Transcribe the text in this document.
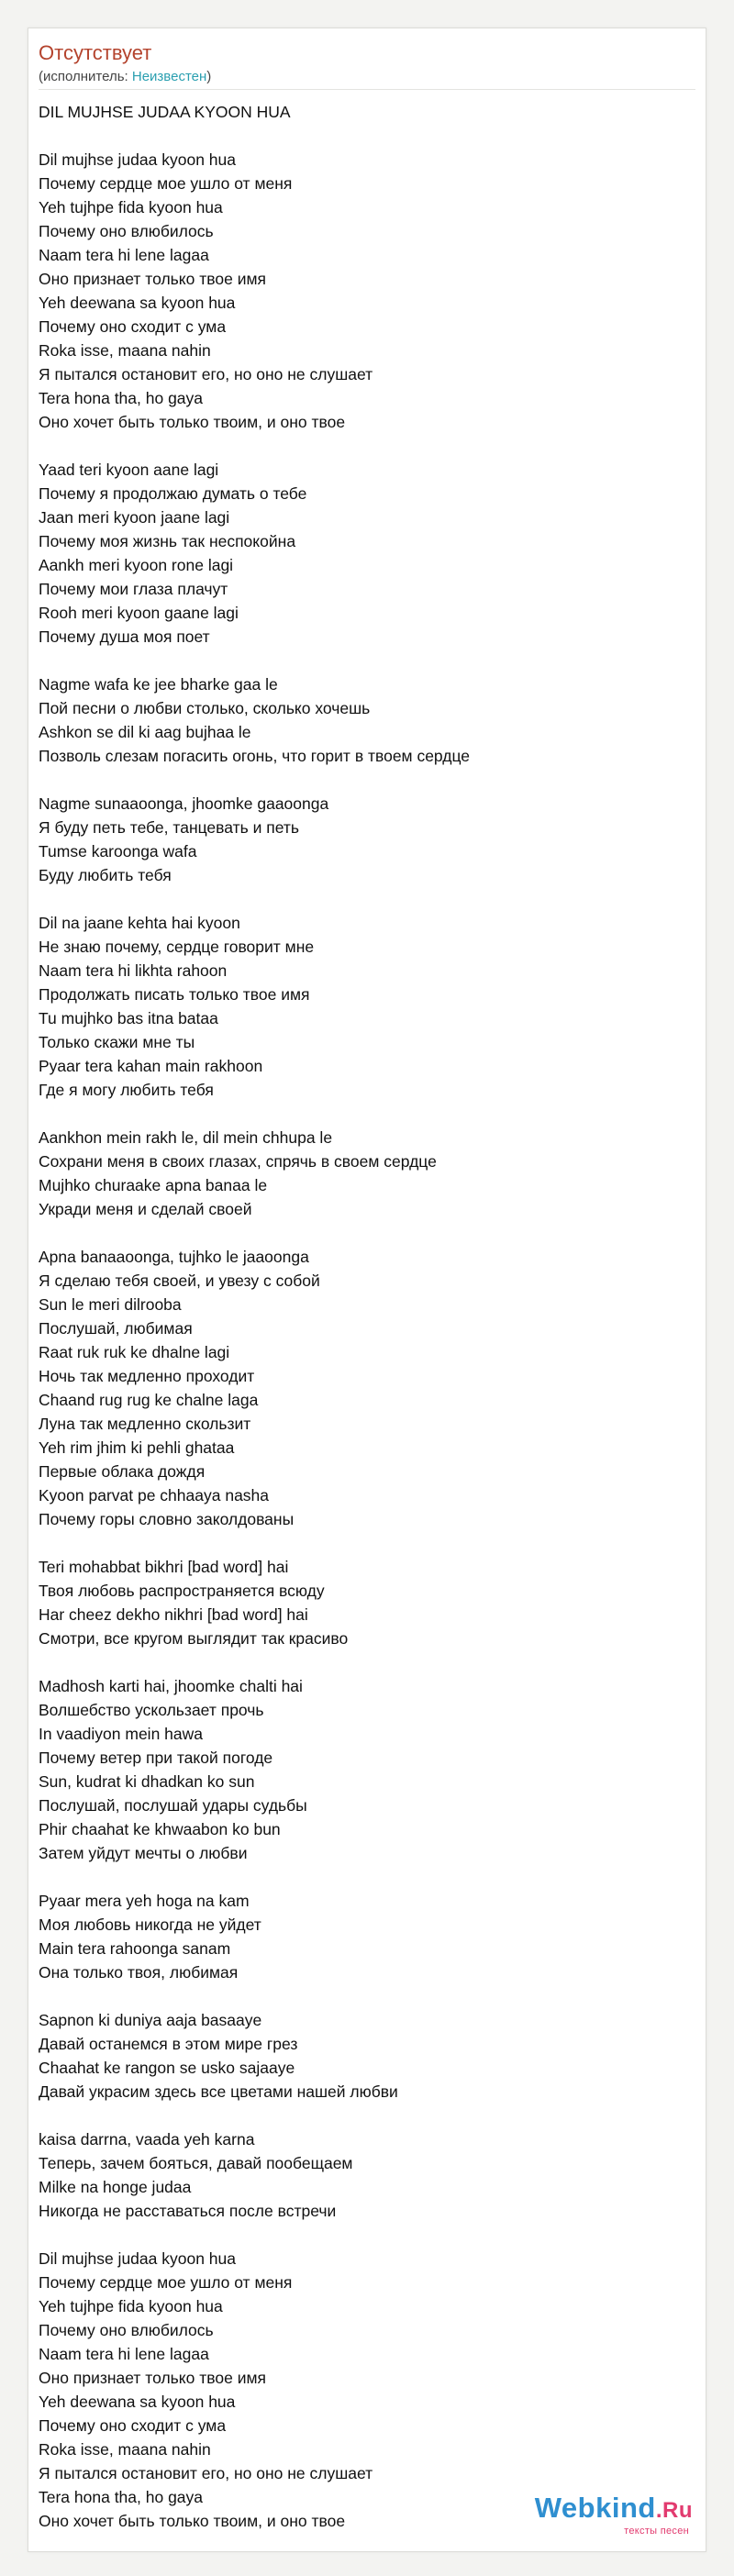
Отсутствует
(исполнитель: Неизвестен)
DIL MUJHSE JUDAA KYOON HUA
Dil mujhse judaa kyoon hua
Почему сердце мое ушло от меня
Yeh tujhpe fida kyoon hua
Почему оно влюбилось
Naam tera hi lene lagaa
Оно признает только твое имя
Yeh deewana sa kyoon hua
Почему оно сходит с ума
Roka isse, maana nahin
Я пытался остановит его, но оно не слушает
Tera hona tha, ho gaya
Оно хочет быть только твоим, и оно твое
Yaad teri kyoon aane lagi
Почему я продолжаю думать о тебе
Jaan meri kyoon jaane lagi
Почему моя жизнь так неспокойна
Aankh meri kyoon rone lagi
Почему мои глаза плачут
Rooh meri kyoon gaane lagi
Почему душа моя поет
Nagme wafa ke jee bharke gaa le
Пой песни о любви столько, сколько хочешь
Ashkon se dil ki aag bujhaa le
Позволь слезам погасить огонь, что горит в твоем сердце
Nagme sunaaoonga, jhoomke gaaoonga
Я буду петь тебе, танцевать и петь
Tumse karoonga wafa
Буду любить тебя
Dil na jaane kehta hai kyoon
Не знаю почему, сердце говорит мне
Naam tera hi likhta rahoon
Продолжать писать только твое имя
Tu mujhko bas itna bataa
Только скажи мне ты
Pyaar tera kahan main rakhoon
Где я могу любить тебя
Aankhon mein rakh le, dil mein chhupa le
Сохрани меня в своих глазах, спрячь в своем сердце
Mujhko churaake apna banaa le
Укради меня и сделай своей
Apna banaaoonga, tujhko le jaaoonga
Я сделаю тебя своей, и увезу с собой
Sun le meri dilrooba
Послушай, любимая
Raat ruk ruk ke dhalne lagi
Ночь так медленно проходит
Chaand rug rug ke chalne laga
Луна так медленно скользит
Yeh rim jhim ki pehli ghataa
Первые облака дождя
Kyoon parvat pe chhaaya nasha
Почему горы словно заколдованы
Teri mohabbat bikhri [bad word] hai
Твоя любовь распространяется всюду
Har cheez dekho nikhri [bad word] hai
Смотри, все кругом выглядит так красиво
Madhosh karti hai, jhoomke chalti hai
Волшебство ускользает прочь
In vaadiyon mein hawa
Почему ветер при такой погоде
Sun, kudrat ki dhadkan ko sun
Послушай, послушай удары судьбы
Phir chaahat ke khwaabon ko bun
Затем уйдут мечты о любви
Pyaar mera yeh hoga na kam
Моя любовь никогда не уйдет
Main tera rahoonga sanam
Она только твоя, любимая
Sapnon ki duniya aaja basaaye
Давай останемся в этом мире грез
Chaahat ke rangon se usko sajaaye
Давай украсим здесь все цветами нашей любви
kaisa darrna, vaada yeh karna
Теперь, зачем бояться, давай пообещаем
Milke na honge judaa
Никогда не расставаться после встречи
Dil mujhse judaa kyoon hua
Почему сердце мое ушло от меня
Yeh tujhpe fida kyoon hua
Почему оно влюбилось
Naam tera hi lene lagaa
Оно признает только твое имя
Yeh deewana sa kyoon hua
Почему оно сходит с ума
Roka isse, maana nahin
Я пытался остановит его, но оно не слушает
Tera hona tha, ho gaya
Оно хочет быть только твоим, и оно твое	Webkind.Ru
тексты песен
